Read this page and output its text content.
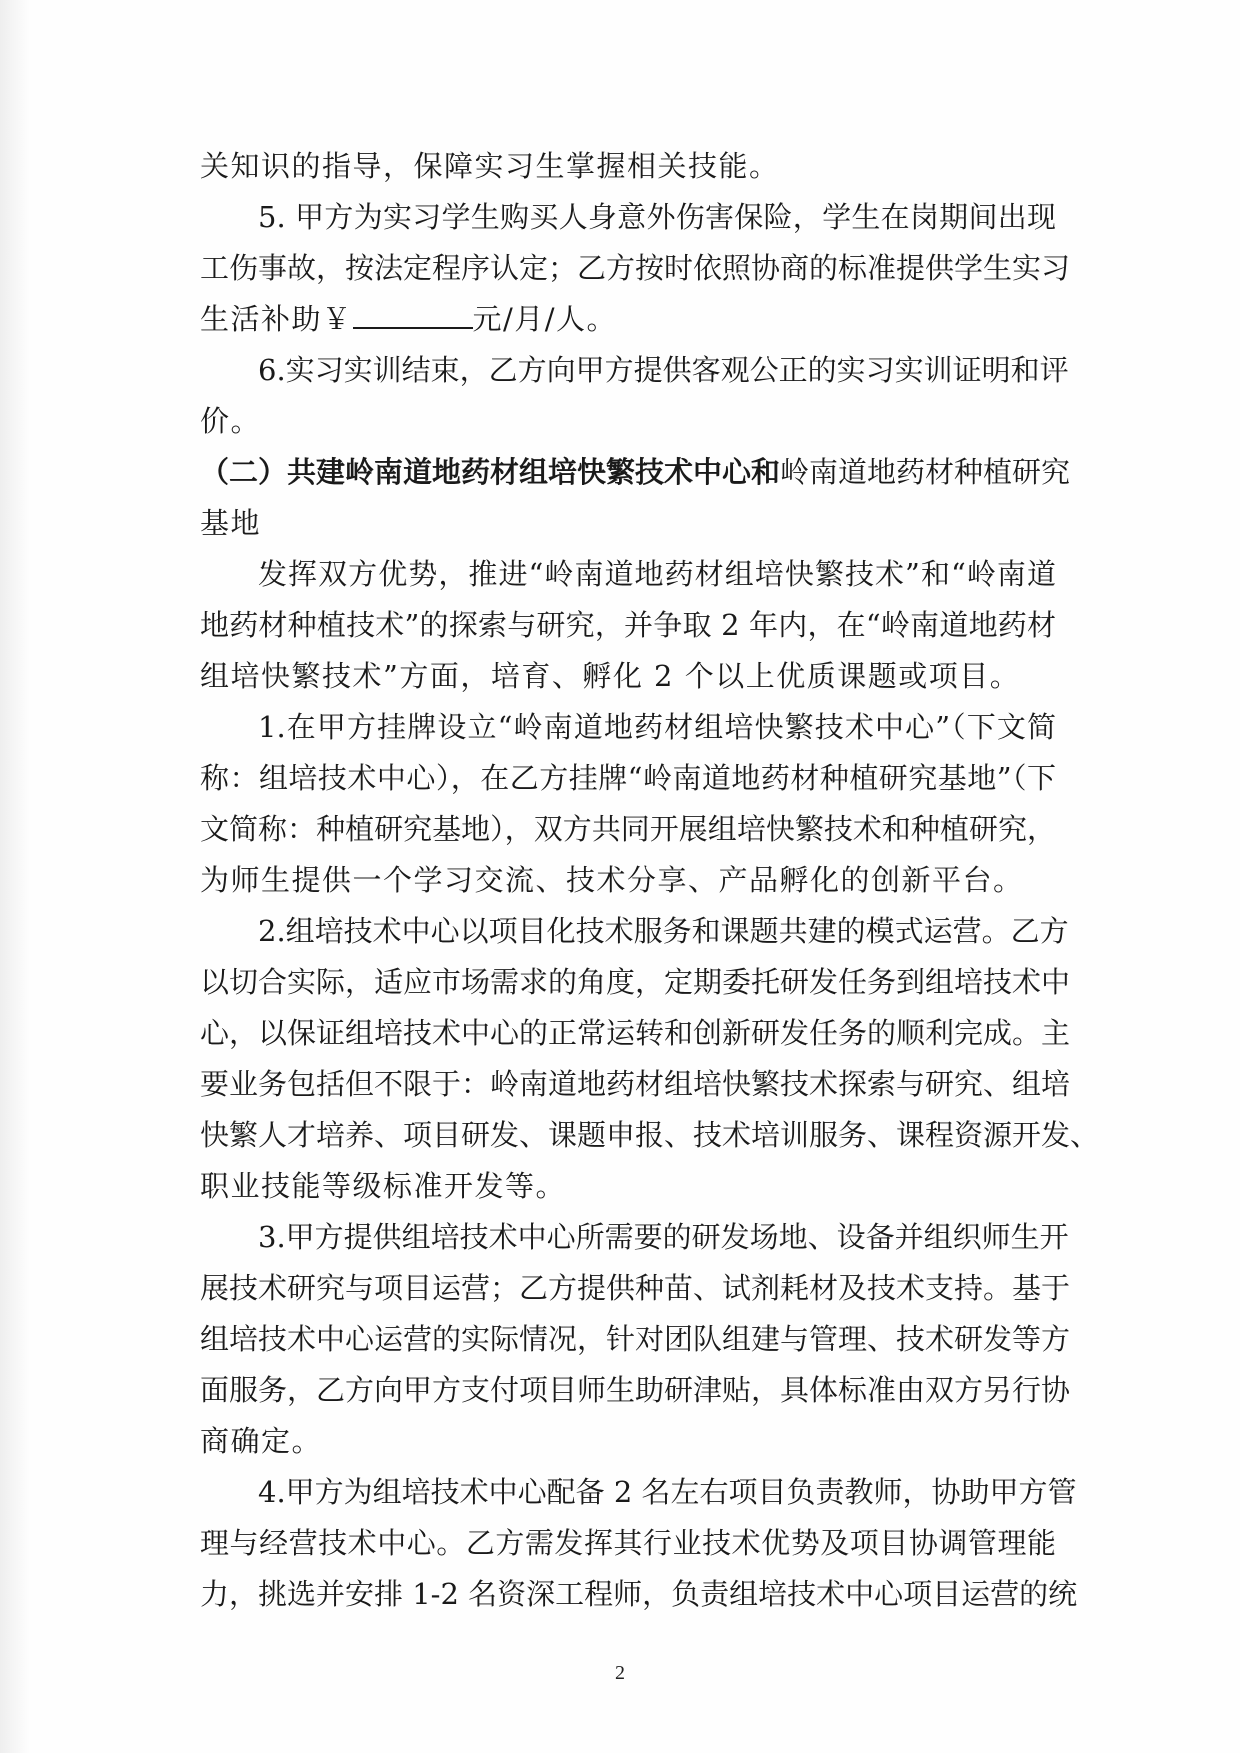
关知识的指导，保障实习生掌握相关技能。
5. 甲方为实习学生购买人身意外伤害保险，学生在岗期间出现
工伤事故，按法定程序认定；乙方按时依照协商的标准提供学生实习
生活补助￥	元/月/人。
6.实习实训结束，乙方向甲方提供客观公正的实习实训证明和评
价。
（二）共建岭南道地药材组培快繁技术中心和岭南道地药材种植研究
基地
发挥双方优势，推进“岭南道地药材组培快繁技术”和“岭南道
地药材种植技术”的探索与研究，并争取 2 年内，在“岭南道地药材
组培快繁技术”方面，培育、孵化 2 个以上优质课题或项目。
1.在甲方挂牌设立“岭南道地药材组培快繁技术中心”（下文简
称：组培技术中心），在乙方挂牌“岭南道地药材种植研究基地”（下
文简称：种植研究基地），双方共同开展组培快繁技术和种植研究，
为师生提供一个学习交流、技术分享、产品孵化的创新平台。
2.组培技术中心以项目化技术服务和课题共建的模式运营。乙方
以切合实际，适应市场需求的角度，定期委托研发任务到组培技术中
心，以保证组培技术中心的正常运转和创新研发任务的顺利完成。主
要业务包括但不限于：岭南道地药材组培快繁技术探索与研究、组培
快繁人才培养、项目研发、课题申报、技术培训服务、课程资源开发、
职业技能等级标准开发等。
3.甲方提供组培技术中心所需要的研发场地、设备并组织师生开
展技术研究与项目运营；乙方提供种苗、试剂耗材及技术支持。基于
组培技术中心运营的实际情况，针对团队组建与管理、技术研发等方
面服务，乙方向甲方支付项目师生助研津贴，具体标准由双方另行协
商确定。
4.甲方为组培技术中心配备 2 名左右项目负责教师，协助甲方管
理与经营技术中心。乙方需发挥其行业技术优势及项目协调管理能
力，挑选并安排 1-2 名资深工程师，负责组培技术中心项目运营的统
2
